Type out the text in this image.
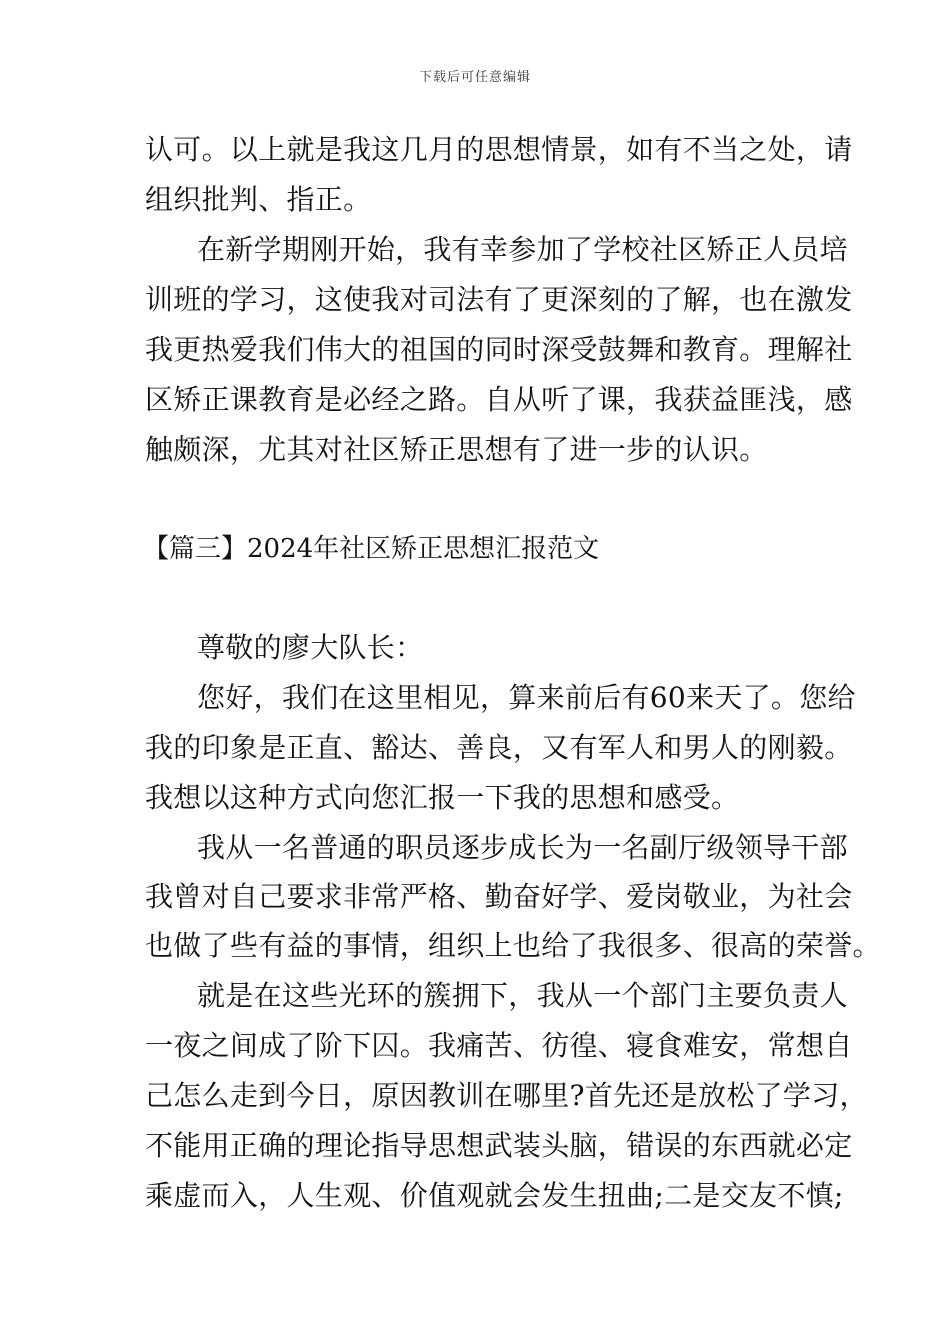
下载后可任意编辑
认可。以上就是我这几月的思想情景，如有不当之处，请
组织批判、指正。
在新学期刚开始，我有幸参加了学校社区矫正人员培
训班的学习，这使我对司法有了更深刻的了解，也在激发
我更热爱我们伟大的祖国的同时深受鼓舞和教育。理解社
区矫正课教育是必经之路。自从听了课，我获益匪浅，感
触颇深，尤其对社区矫正思想有了进一步的认识。
【篇三】2024年社区矫正思想汇报范文
尊敬的廖大队长：
您好，我们在这里相见，算来前后有60来天了。您给
我的印象是正直、豁达、善良，又有军人和男人的刚毅。
我想以这种方式向您汇报一下我的思想和感受。
我从一名普通的职员逐步成长为一名副厅级领导干部
我曾对自己要求非常严格、勤奋好学、爱岗敬业，为社会
也做了些有益的事情，组织上也给了我很多、很高的荣誉。
就是在这些光环的簇拥下，我从一个部门主要负责人
一夜之间成了阶下囚。我痛苦、彷徨、寝食难安，常想自
己怎么走到今日，原因教训在哪里?首先还是放松了学习，
不能用正确的理论指导思想武装头脑，错误的东西就必定
乘虚而入，人生观、价值观就会发生扭曲;二是交友不慎;
